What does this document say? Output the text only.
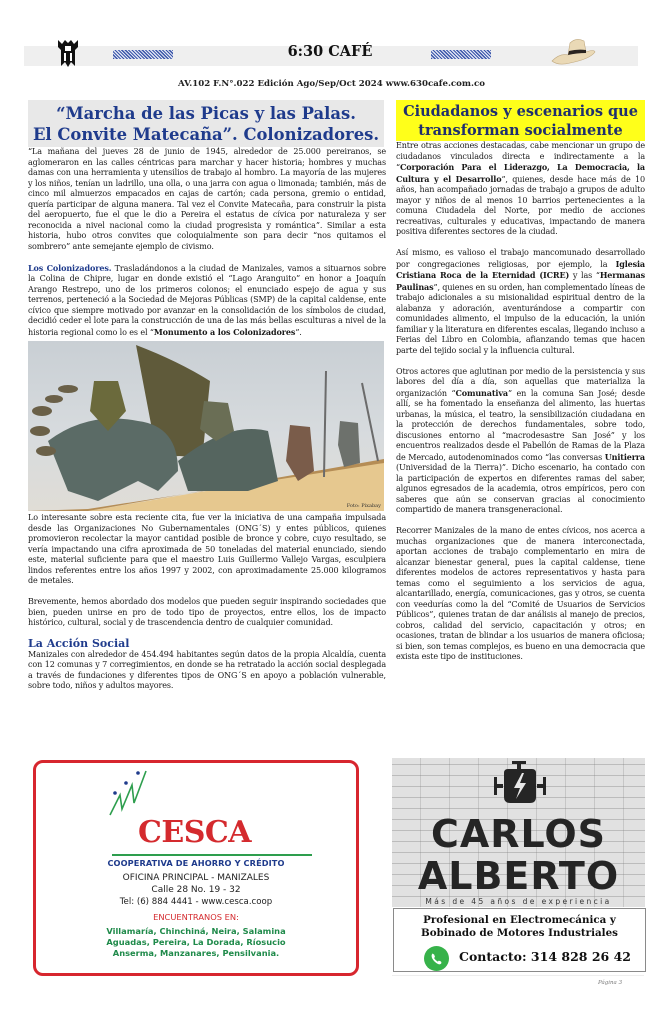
6:30 CAFÉ
AV.102 F.N°.022 Edición Ago/Sep/Oct 2024 www.630cafe.com.co
“Marcha de las Picas y las Palas.
El Convite Matecaña”. Colonizadores.

“La mañana del jueves 28 de junio de 1945, alrededor de 25.000 pereiranos, se aglomeraron en las calles céntricas para marchar y hacer historia; hombres y muchas damas con una herramienta y utensilios de trabajo al hombro. La mayoría de las mujeres y los niños, tenían un ladrillo, una olla, o una jarra con agua o limonada; también, más de cinco mil almuerzos empacados en cajas de cartón; cada persona, gremio o entidad, quería participar de alguna manera. Tal vez el Convite Matecaña, para construir la pista del aeropuerto, fue el que le dio a Pereira el estatus de cívica por naturaleza y ser reconocida a nivel nacional como la ciudad progresista y romántica”. Similar a esta historia, hubo otros convites que coloquialmente son para decir “nos quitamos el sombrero” ante semejante ejemplo de civismo.

Los Colonizadores. Trasladándonos a la ciudad de Manizales, vamos a situarnos sobre la Colina de Chipre, lugar en donde existió el “Lago Aranguito” en honor a Joaquín Arango Restrepo, uno de los primeros colonos; el enunciado espejo de agua y sus terrenos, perteneció a la Sociedad de Mejoras Públicas (SMP) de la capital caldense, ente cívico que siempre motivado por avanzar en la consolidación de los símbolos de ciudad, decidió ceder el lote para la construcción de una de las más bellas esculturas a nivel de la historia regional como lo es el “Monumento a los Colonizadores”.

Foto: Pixabay

Lo interesante sobre esta reciente cita, fue ver la iniciativa de una campaña impulsada desde las Organizaciones No Gubernamentales (ONG´S) y entes públicos, quienes promovieron recolectar la mayor cantidad posible de bronce y cobre, cuyo resultado, se vería impactando una cifra aproximada de 50 toneladas del material enunciado, siendo este, material suficiente para que el maestro Luis Guillermo Vallejo Vargas, esculpiera lindos referentes entre los años 1997 y 2002, con aproximadamente 25.000 kilogramos de metales.

Brevemente, hemos abordado dos modelos que pueden seguir inspirando sociedades que bien, pueden unirse en pro de todo tipo de proyectos, entre ellos, los de impacto histórico, cultural, social y de trascendencia dentro de cualquier comunidad.

La Acción Social

Manizales con alrededor de 454.494 habitantes según datos de la propia Alcaldía, cuenta con 12 comunas y 7 corregimientos, en donde se ha retratado la acción social desplegada a través de fundaciones y diferentes tipos de ONG´S en apoyo a población vulnerable, sobre todo, niños y adultos mayores.

Ciudadanos y escenarios que
transforman socialmente

Entre otras acciones destacadas, cabe mencionar un grupo de ciudadanos vinculados directa e indirectamente a la “Corporación Para el Liderazgo, La Democracia, la Cultura y el Desarrollo”, quienes, desde hace más de 10 años, han acompañado jornadas de trabajo a grupos de adulto mayor y niños de al menos 10 barrios pertenecientes a la comuna Ciudadela del Norte, por medio de acciones recreativas, culturales y educativas, impactando de manera positiva diferentes sectores de la ciudad.

Así mismo, es valioso el trabajo mancomunado desarrollado por congregaciones religiosas, por ejemplo, la Iglesia Cristiana Roca de la Eternidad (ICRE) y las “Hermanas Paulinas”, quienes en su orden, han complementado líneas de trabajo adicionales a su misionalidad espiritual dentro de la alabanza y adoración, aventurándose a compartir con comunidades alimento, el impulso de la educación, la unión familiar y la literatura en diferentes escalas, llegando incluso a Ferias del Libro en Colombia, afianzando temas que hacen parte del tejido social y la influencia cultural.

Otros actores que aglutinan por medio de la persistencia y sus labores del día a día, son aquellas que materializa la organización “Comunativa” en la comuna San José; desde allí, se ha fomentado la enseñanza del alimento, las huertas urbanas, la música, el teatro, la sensibilización ciudadana en la protección de derechos fundamentales, sobre todo, discusiones entorno al “macrodesastre San José” y los encuentros realizados desde el Pabellón de Ramas de la Plaza de Mercado, autodenominados como “las conversas Unitierra (Universidad de la Tierra)”. Dicho escenario, ha contado con la participación de expertos en diferentes ramas del saber, algunos egresados de la academia, otros empíricos, pero con saberes que aún se conservan gracias al conocimiento compartido de manera transgeneracional.

Recorrer Manizales de la mano de entes cívicos, nos acerca a muchas organizaciones que de manera interconectada, aportan acciones de trabajo complementario en mira de alcanzar bienestar general, pues la capital caldense, tiene diferentes modelos de actores representativos y hasta para temas como el seguimiento a los servicios de agua, alcantarillado, energía, comunicaciones, gas y otros, se cuenta con veedurías como la del “Comité de Usuarios de Servicios Públicos”, quienes tratan de dar análisis al manejo de precios, cobros, calidad del servicio, capacitación y otros; en ocasiones, tratan de blindar a los usuarios de manera oficiosa; si bien, son temas complejos, es bueno en una democracia que exista este tipo de instituciones.

CESCA
COOPERATIVA DE AHORRO Y CRÉDITO
OFICINA PRINCIPAL - MANIZALES
Calle 28 No. 19 - 32
Tel: (6) 884 4441 - www.cesca.coop
ENCUENTRANOS EN:
Villamaría, Chinchiná, Neira, Salamina
Aguadas, Pereira, La Dorada, Ríosucio
Anserma, Manzanares, Pensilvania.
CARLOS
ALBERTO
Más de 45 años de experiencia
Profesional en Electromecánica y
Bobinado de Motores Industriales
Contacto: 314 828 26 42
Página 3
